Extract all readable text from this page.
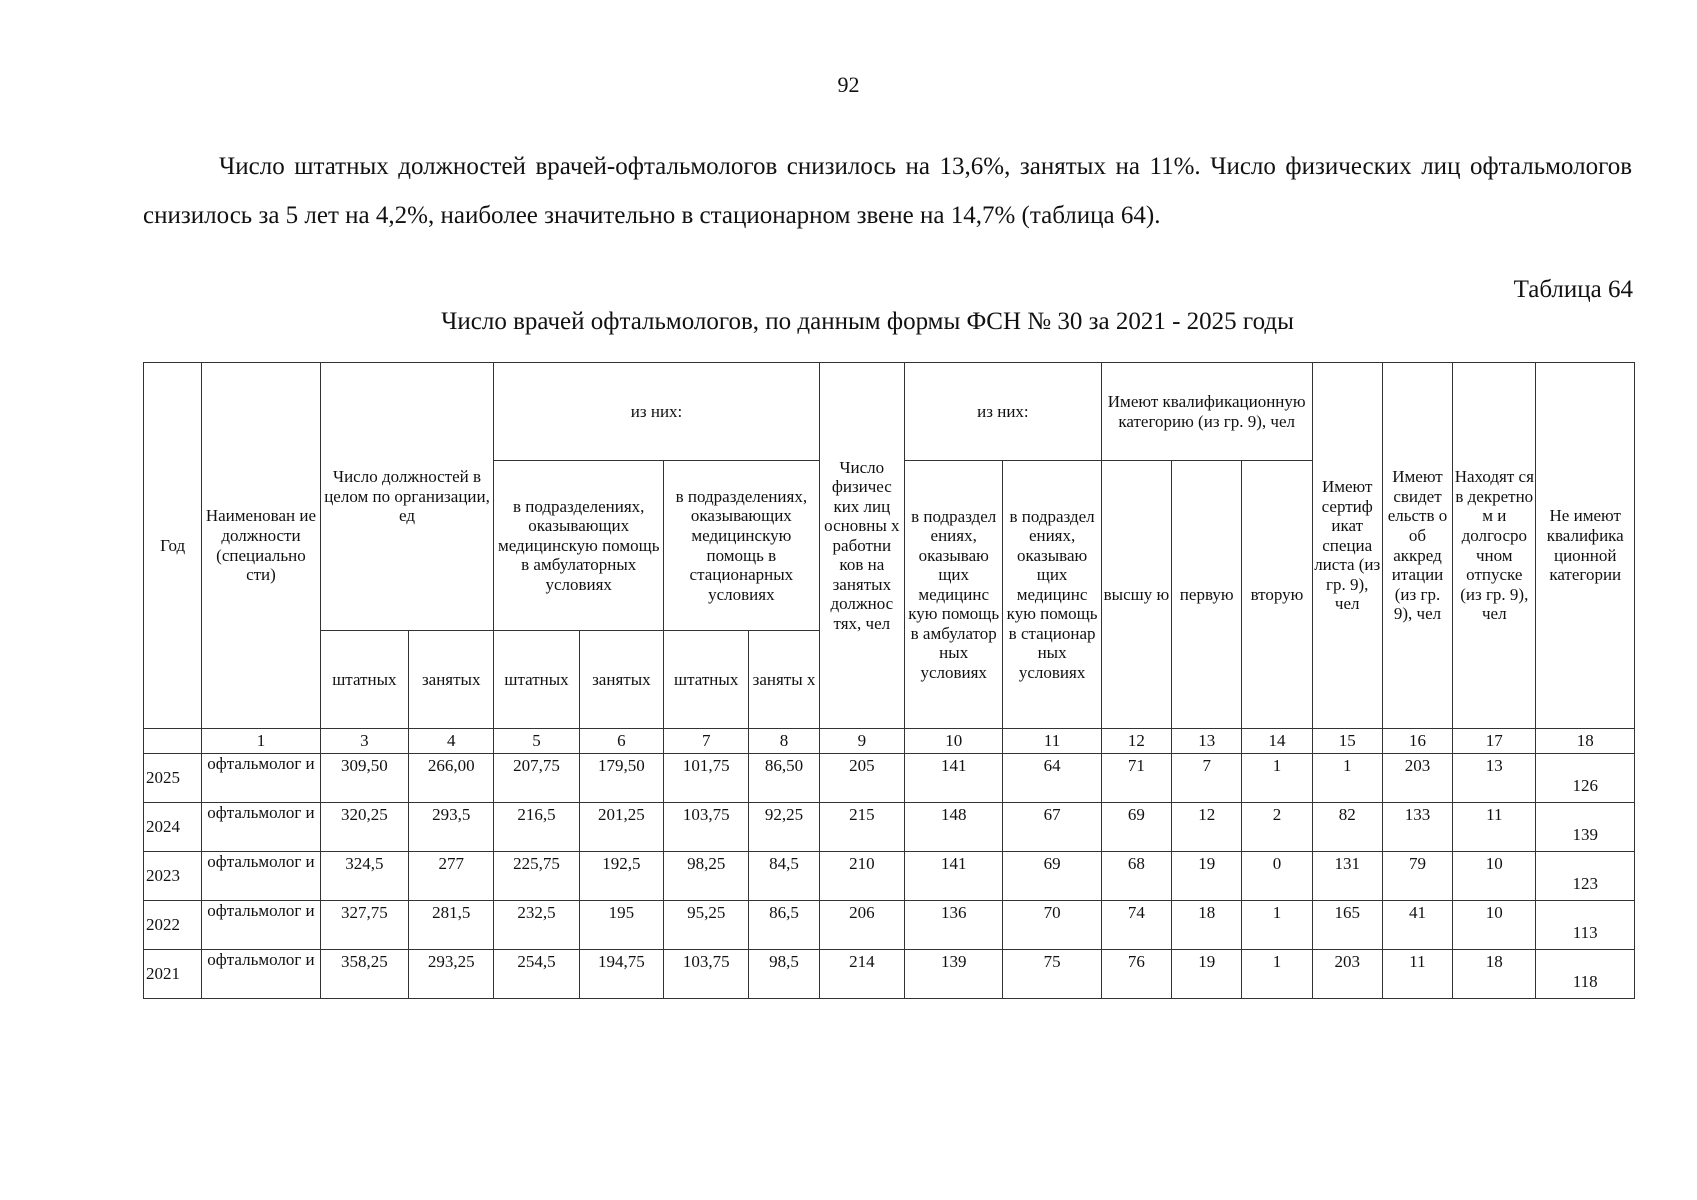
92

Число штатных должностей врачей-офтальмологов снизилось на 13,6%, занятых на 11%. Число физических лиц офтальмологов снизилось за 5 лет на 4,2%, наиболее значительно в стационарном звене на 14,7% (таблица 64).

Таблица 64
Число врачей офтальмологов, по данным формы ФСН № 30 за 2021 - 2025 годы
Год	Наименован ие должности (специально сти)	Число должностей в целом по организации, ед		из них:				Число физичес ких лиц основны х работни ков на занятых должнос тях, чел	из них:		Имеют квалификационную категорию (из гр. 9), чел			Имеют сертиф икат специа листа (из гр. 9), чел	Имеют свидет ельств о об аккред итации (из гр. 9), чел	Находят ся в декретно м и долгосро чном отпуске (из гр. 9), чел	Не имеют квалифика ционной категории
				в подразделениях, оказывающих медицинскую помощь в амбулаторных условиях		в подразделениях, оказывающих медицинскую помощь в стационарных условиях			в подраздел ениях, оказываю щих медицинс кую помощь в амбулатор ных условиях	в подраздел ениях, оказываю щих медицинс кую помощь в стационар ных условиях	высшу ю	первую	вторую				
		штатных	занятых	штатных	занятых	штатных	заняты х										
	1	3	4	5	6	7	8	9	10	11	12	13	14	15	16	17	18
2025	офтальмолог и	309,50	266,00	207,75	179,50	101,75	86,50	205	141	64	71	7	1	1	203	13	126
2024	офтальмолог и	320,25	293,5	216,5	201,25	103,75	92,25	215	148	67	69	12	2	82	133	11	139
2023	офтальмолог и	324,5	277	225,75	192,5	98,25	84,5	210	141	69	68	19	0	131	79	10	123
2022	офтальмолог и	327,75	281,5	232,5	195	95,25	86,5	206	136	70	74	18	1	165	41	10	113
2021	офтальмолог и	358,25	293,25	254,5	194,75	103,75	98,5	214	139	75	76	19	1	203	11	18	118
